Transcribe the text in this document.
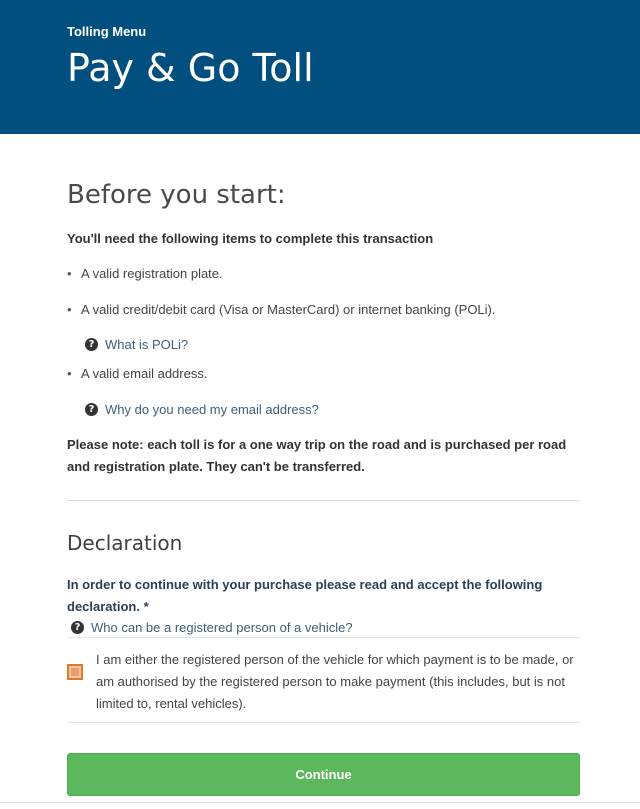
Tolling Menu
Pay & Go Toll
Before you start:
You'll need the following items to complete this transaction
• A valid registration plate.
• A valid credit/debit card (Visa or MasterCard) or internet banking (POLi).
? What is POLi?
• A valid email address.
? Why do you need my email address?
Please note: each toll is for a one way trip on the road and is purchased per road and registration plate. They can't be transferred.
Declaration
In order to continue with your purchase please read and accept the following declaration. *
? Who can be a registered person of a vehicle?
I am either the registered person of the vehicle for which payment is to be made, or am authorised by the registered person to make payment (this includes, but is not limited to, rental vehicles).
Continue
